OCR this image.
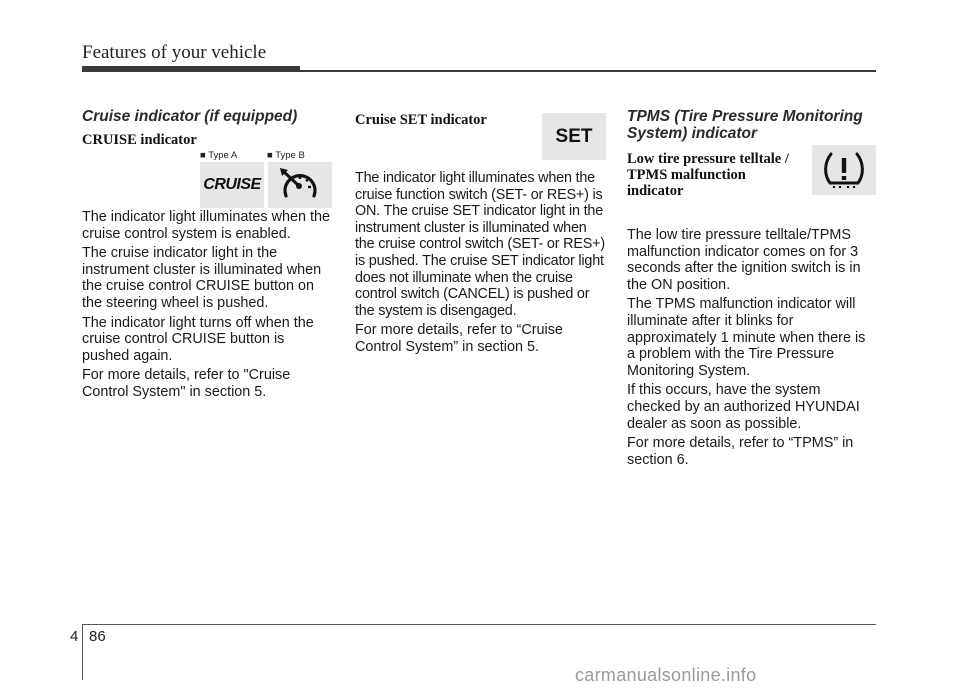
Features of your vehicle
Cruise indicator (if equipped)
CRUISE indicator
■ Type A	■ Type B
CRUISE

The indicator light illuminates when the cruise control system is enabled.

The cruise indicator light in the instrument cluster is illuminated when the cruise control CRUISE button on the steering wheel is pushed.

The indicator light turns off when the cruise control CRUISE button is pushed again.

For more details, refer to "Cruise Control System" in section 5.

Cruise SET indicator

The indicator light illuminates when the cruise function switch (SET- or RES+) is ON. The cruise SET indicator light in the instrument cluster is illuminated when the cruise control switch (SET- or RES+) is pushed. The cruise SET indicator light does not illuminate when the cruise control switch (CANCEL) is pushed or the system is disengaged.

For more details, refer to “Cruise Control System” in section 5.

SET
TPMS (Tire Pressure Monitoring System) indicator
Low tire pressure telltale / TPMS malfunction indicator

The low tire pressure telltale/TPMS malfunction indicator comes on for 3 seconds after the ignition switch is in the ON position.

The TPMS malfunction indicator will illuminate after it blinks for approximately 1 minute when there is a problem with the Tire Pressure Monitoring System.

If this occurs, have the system checked by an authorized HYUNDAI dealer as soon as possible.

For more details, refer to “TPMS” in section 6.

4 86
carmanualsonline.info
